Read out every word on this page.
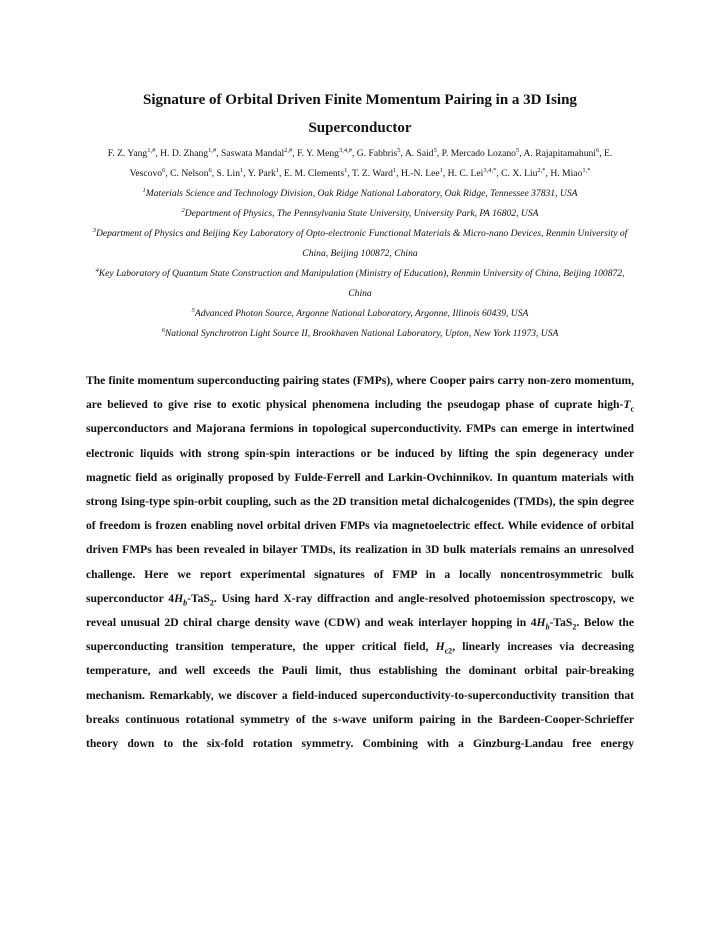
Signature of Orbital Driven Finite Momentum Pairing in a 3D Ising Superconductor
F. Z. Yang$^{1,\#}$, H. D. Zhang$^{1,\#}$, Saswata Mandal$^{2,\#}$, F. Y. Meng$^{3,4,\#}$, G. Fabbris$^5$, A. Said$^5$, P. Mercado Lozano$^5$, A. Rajapitamahuni$^6$, E. Vescovo$^6$, C. Nelson$^6$, S. Lin$^1$, Y. Park$^1$, E. M. Clements$^1$, T. Z. Ward$^1$, H.-N. Lee$^1$, H. C. Lei$^{3,4,*}$, C. X. Liu$^{2,*}$, H. Miao$^{1,*}$
$^1$Materials Science and Technology Division, Oak Ridge National Laboratory, Oak Ridge, Tennessee 37831, USA
$^2$Department of Physics, The Pennsylvania State University, University Park, PA 16802, USA
$^3$Department of Physics and Beijing Key Laboratory of Opto-electronic Functional Materials & Micro-nano Devices, Renmin University of China, Beijing 100872, China
$^4$Key Laboratory of Quantum State Construction and Manipulation (Ministry of Education), Renmin University of China, Beijing 100872, China
$^5$Advanced Photon Source, Argonne National Laboratory, Argonne, Illinois 60439, USA
$^6$National Synchrotron Light Source II, Brookhaven National Laboratory, Upton, New York 11973, USA
The finite momentum superconducting pairing states (FMPs), where Cooper pairs carry non-zero momentum, are believed to give rise to exotic physical phenomena including the pseudogap phase of cuprate high-$T_c$ superconductors and Majorana fermions in topological superconductivity. FMPs can emerge in intertwined electronic liquids with strong spin-spin interactions or be induced by lifting the spin degeneracy under magnetic field as originally proposed by Fulde-Ferrell and Larkin-Ovchinnikov. In quantum materials with strong Ising-type spin-orbit coupling, such as the 2D transition metal dichalcogenides (TMDs), the spin degree of freedom is frozen enabling novel orbital driven FMPs via magnetoelectric effect. While evidence of orbital driven FMPs has been revealed in bilayer TMDs, its realization in 3D bulk materials remains an unresolved challenge. Here we report experimental signatures of FMP in a locally noncentrosymmetric bulk superconductor $4H_b-TaS_2$. Using hard X-ray diffraction and angle-resolved photoemission spectroscopy, we reveal unusual 2D chiral charge density wave (CDW) and weak interlayer hopping in $4H_b-TaS_2$. Below the superconducting transition temperature, the upper critical field, $H_{c2}$, linearly increases via decreasing temperature, and well exceeds the Pauli limit, thus establishing the dominant orbital pair-breaking mechanism. Remarkably, we discover a field-induced superconductivity-to-superconductivity transition that breaks continuous rotational symmetry of the s-wave uniform pairing in the Bardeen-Cooper-Schrieffer theory down to the six-fold rotation symmetry. Combining with a Ginzburg-Landau free energy
